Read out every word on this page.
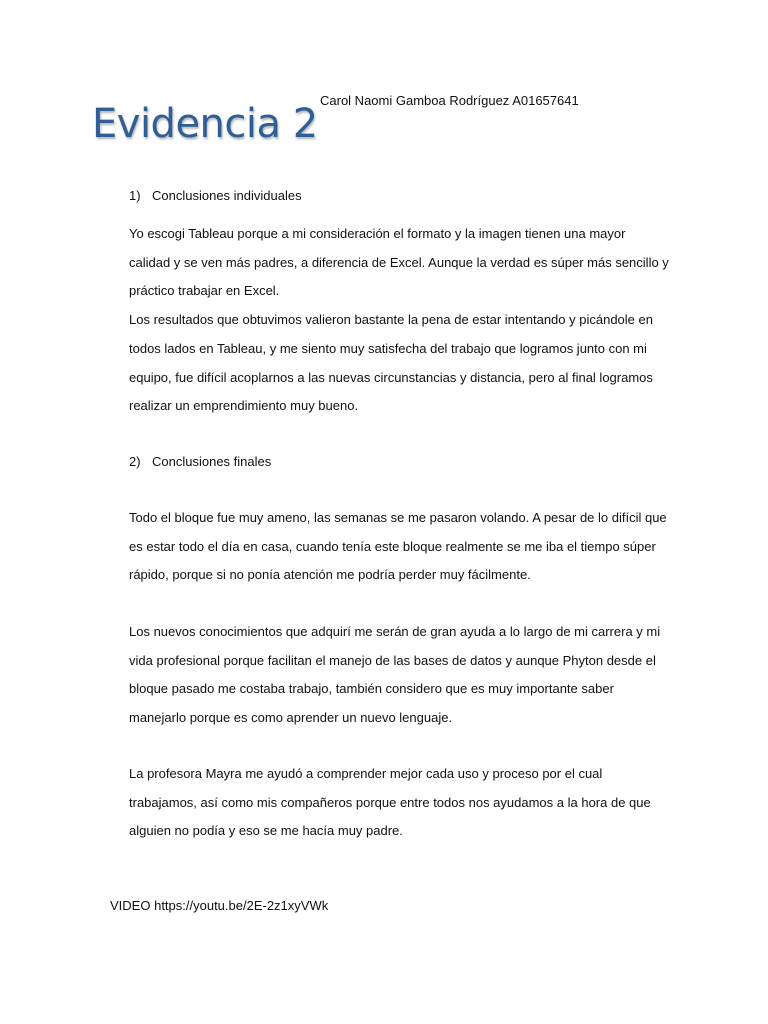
Evidencia 2
Carol Naomi Gamboa Rodríguez A01657641
1) Conclusiones individuales

Yo escogi Tableau porque a mi consideración el formato y la imagen tienen una mayor calidad y se ven más padres, a diferencia de Excel. Aunque la verdad es súper más sencillo y práctico trabajar en Excel.

Los resultados que obtuvimos valieron bastante la pena de estar intentando y picándole en todos lados en Tableau, y me siento muy satisfecha del trabajo que logramos junto con mi equipo, fue difícil acoplarnos a las nuevas circunstancias y distancia, pero al final logramos realizar un emprendimiento muy bueno.

2) Conclusiones finales

Todo el bloque fue muy ameno, las semanas se me pasaron volando. A pesar de lo difícil que es estar todo el día en casa, cuando tenía este bloque realmente se me iba el tiempo súper rápido, porque si no ponía atención me podría perder muy fácilmente.

Los nuevos conocimientos que adquirí me serán de gran ayuda a lo largo de mi carrera y mi vida profesional porque facilitan el manejo de las bases de datos y aunque Phyton desde el bloque pasado me costaba trabajo, también considero que es muy importante saber manejarlo porque es como aprender un nuevo lenguaje.

La profesora Mayra me ayudó a comprender mejor cada uso y proceso por el cual trabajamos, así como mis compañeros porque entre todos nos ayudamos a la hora de que alguien no podía y eso se me hacía muy padre.

VIDEO https://youtu.be/2E-2z1xyVWk
